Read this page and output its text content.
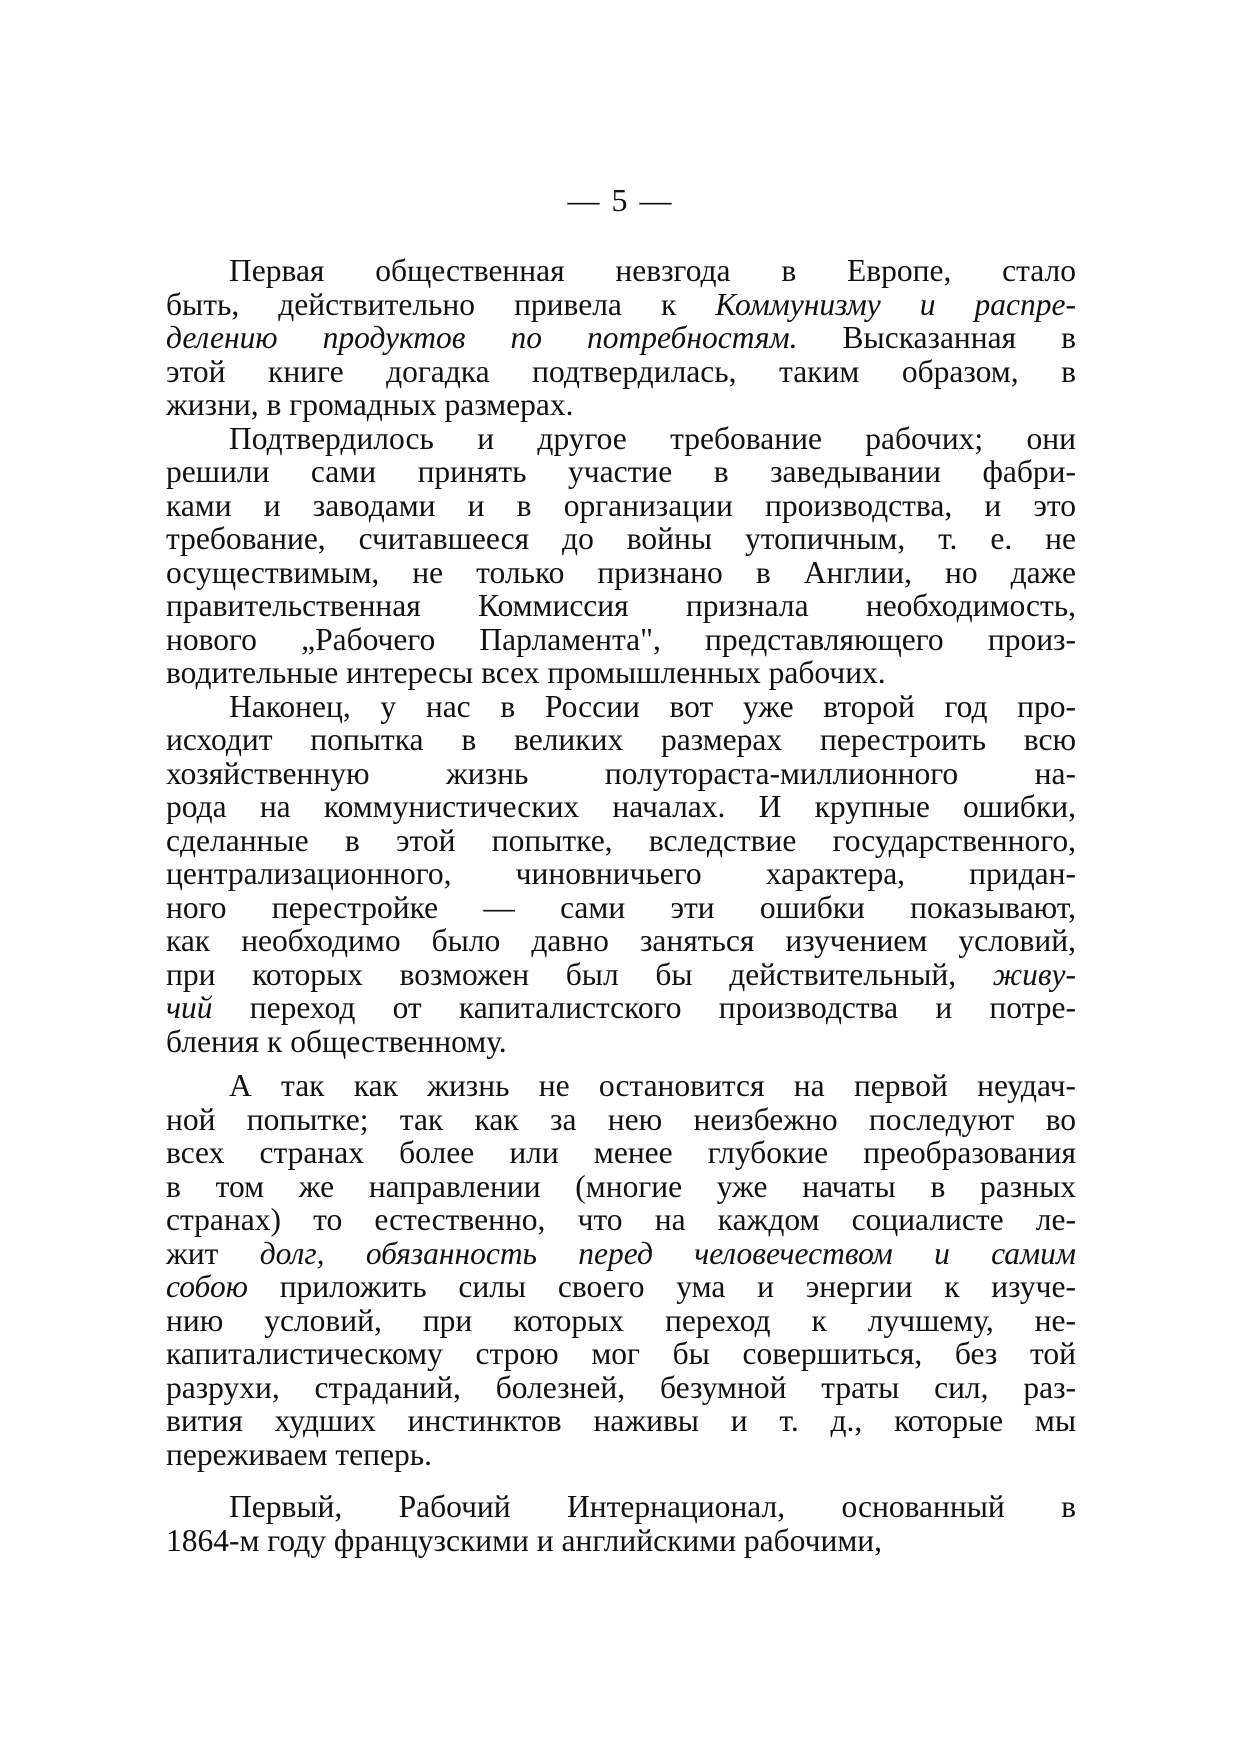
— 5 —

Первая общественная невзгода в Европе, стало
быть, действительно привела к Коммунизму и распре-
делению продуктов по потребностям. Высказанная в
этой книге догадка подтвердилась, таким образом, в
жизни, в громадных размерах.

Подтвердилось и другое требование рабочих; они
решили сами принять участие в заведывании фабри-
ками и заводами и в организации производства, и это
требование, считавшееся до войны утопичным, т. е. не
осуществимым, не только признано в Англии, но даже
правительственная Коммиссия признала необходимость,
нового „Рабочего Парламента", представляющего произ-
водительные интересы всех промышленных рабочих.

Наконец, у нас в России вот уже второй год про-
исходит попытка в великих размерах перестроить всю
хозяйственную жизнь полутораста-миллионного на-
рода на коммунистических началах. И крупные ошибки,
сделанные в этой попытке, вследствие государственного,
централизационного, чиновничьего характера, придан-
ного перестройке — сами эти ошибки показывают,
как необходимо было давно заняться изучением условий,
при которых возможен был бы действительный, живу-
чий переход от капиталистского производства и потре-
бления к общественному.

А так как жизнь не остановится на первой неудач-
ной попытке; так как за нею неизбежно последуют во
всех странах более или менее глубокие преобразования
в том же направлении (многие уже начаты в разных
странах) то естественно, что на каждом социалисте ле-
жит долг, обязанность перед человечеством и самим
собою приложить силы своего ума и энергии к изуче-
нию условий, при которых переход к лучшему, не-
капиталистическому строю мог бы совершиться, без той
разрухи, страданий, болезней, безумной траты сил, раз-
вития худших инстинктов наживы и т. д., которые мы
переживаем теперь.

Первый, Рабочий Интернационал, основанный в
1864-м году французскими и английскими рабочими,
